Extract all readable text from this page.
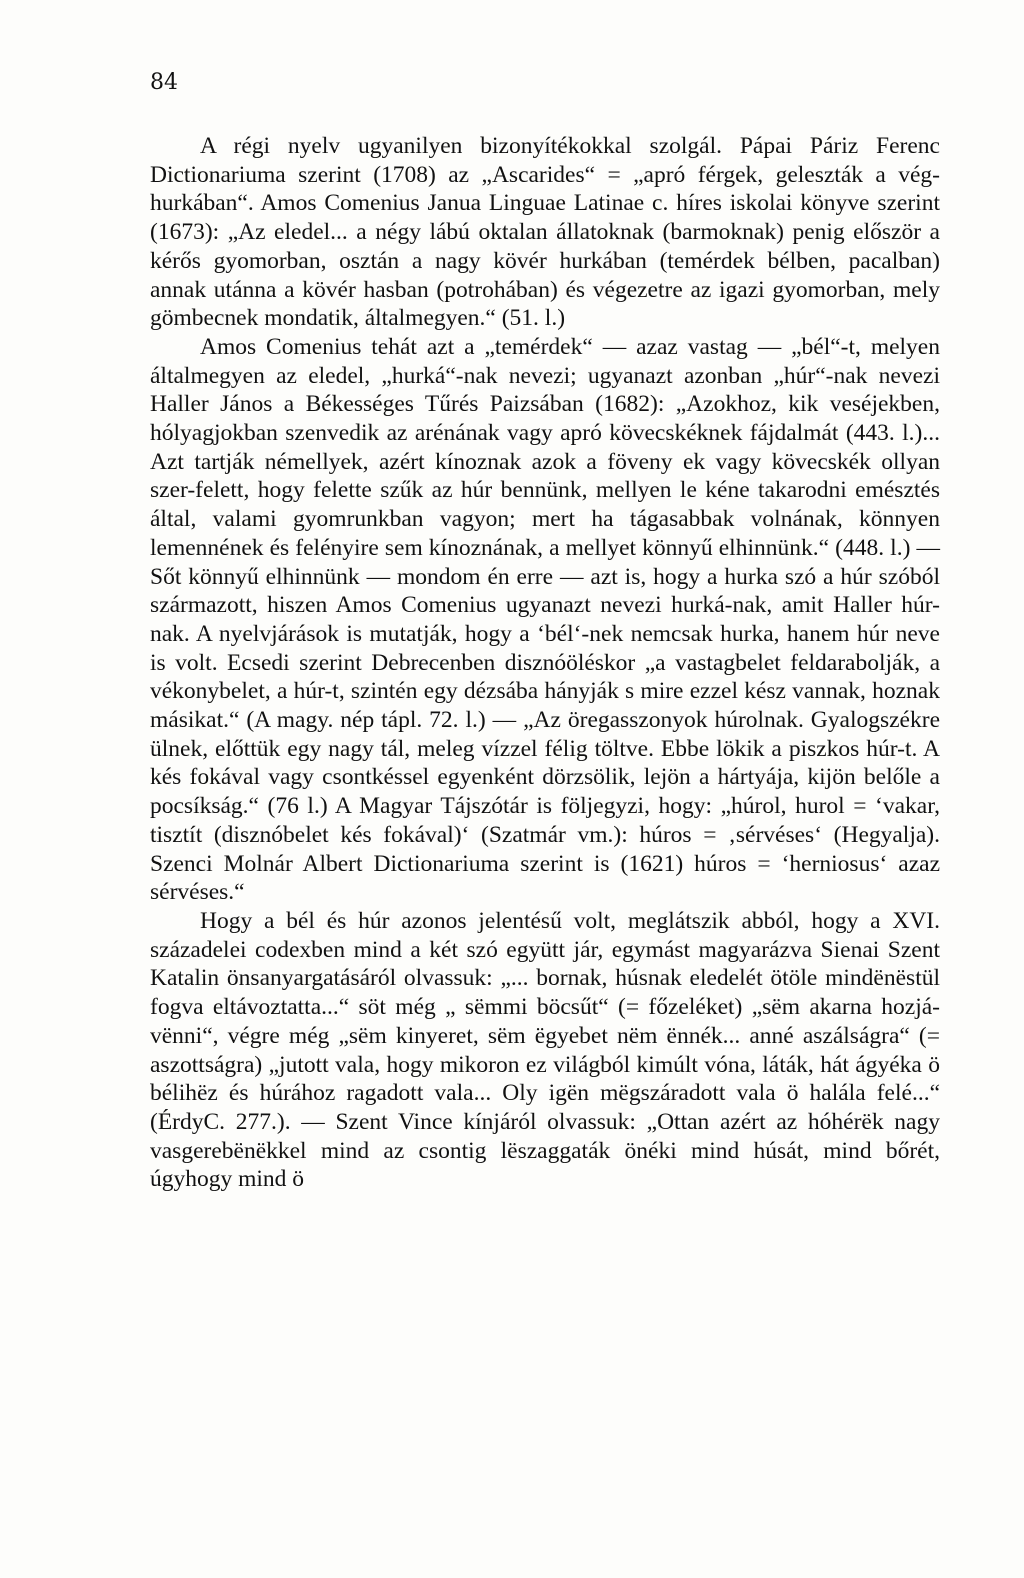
84

A régi nyelv ugyanilyen bizonyítékokkal szolgál. Pápai Páriz Ferenc Dictionariuma szerint (1708) az „Ascarides“ = „apró férgek, geleszták a vég-hurkában“. Amos Comenius Janua Linguae Latinae c. híres iskolai könyve szerint (1673): „Az eledel... a négy lábú oktalan állatoknak (barmoknak) penig először a kérős gyomorban, osztán a nagy kövér hurkában (temérdek bélben, pacalban) annak utánna a kövér hasban (potrohában) és végezetre az igazi gyomorban, mely gömbecnek mondatik, általmegyen.“ (51. l.)

Amos Comenius tehát azt a „temérdek“ — azaz vastag — „bél“-t, melyen általmegyen az eledel, „hurká“-nak nevezi; ugyanazt azonban „húr“-nak nevezi Haller János a Békességes Tűrés Paizsában (1682): „Azokhoz, kik veséjekben, hólyagjokban szenvedik az arénának vagy apró kövecskéknek fájdalmát (443. l.)... Azt tartják némellyek, azért kínoznak azok a föveny ek vagy kövecskék ollyan szer-felett, hogy felette szűk az húr bennünk, mellyen le kéne takarodni emésztés által, valami gyomrunkban vagyon; mert ha tágasabbak volnának, könnyen lemennének és felényire sem kínoznának, a mellyet könnyű elhinnünk.“ (448. l.) — Sőt könnyű elhinnünk — mondom én erre — azt is, hogy a hurka szó a húr szóból származott, hiszen Amos Comenius ugyanazt nevezi hurká-nak, amit Haller húr-nak. A nyelvjárások is mutatják, hogy a ‘bél‘-nek nemcsak hurka, hanem húr neve is volt. Ecsedi szerint Debrecenben disznóöléskor „a vastagbelet feldarabolják, a vékonybelet, a húr-t, szintén egy dézsába hányják s mire ezzel kész vannak, hoznak másikat.“ (A magy. nép tápl. 72. l.) — „Az öregasszonyok húrolnak. Gyalogszékre ülnek, előttük egy nagy tál, meleg vízzel félig töltve. Ebbe lökik a piszkos húr-t. A kés fokával vagy csontkéssel egyenként dörzsölik, lejön a hártyája, kijön belőle a pocsíkság.“ (76 l.) A Magyar Tájszótár is följegyzi, hogy: „húrol, hurol = ‘vakar, tisztít (disznóbelet kés fokával)‘ (Szatmár vm.): húros = ‚sérvéses‘ (Hegyalja). Szenci Molnár Albert Dictionariuma szerint is (1621) húros = ‘herniosus‘ azaz sérvéses.“

Hogy a bél és húr azonos jelentésű volt, meglátszik abból, hogy a XVI. századelei codexben mind a két szó együtt jár, egymást magyarázva Sienai Szent Katalin önsanyargatásáról olvassuk: „... bornak, húsnak eledelét ötöle mindënëstül fogva eltávoztatta...“ söt még „ sëmmi böcsűt“ (= főzeléket) „sëm akarna hozjá-vënni“, végre még „sëm kinyeret, sëm ëgyebet nëm ënnék... anné aszálságra“ (= aszottságra) „jutott vala, hogy mikoron ez világból kimúlt vóna, láták, hát ágyéka ö bélihëz és húrához ragadott vala... Oly igën mëgszáradott vala ö halála felé...“ (ÉrdyC. 277.). — Szent Vince kínjáról olvassuk: „Ottan azért az hóhérëk nagy vasgerebënëkkel mind az csontig lëszaggaták önéki mind húsát, mind bőrét, úgyhogy mind ö
